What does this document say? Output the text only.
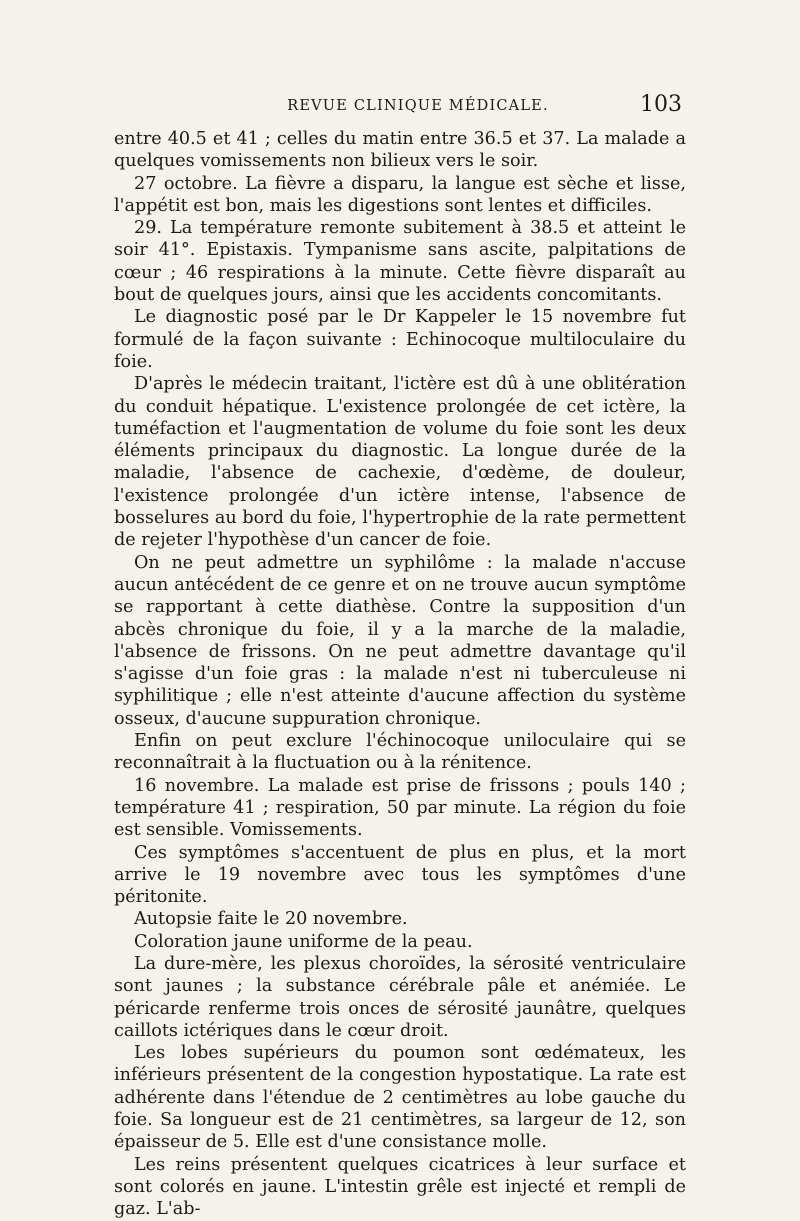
REVUE CLINIQUE MÉDICALE.	103

entre 40.5 et 41 ; celles du matin entre 36.5 et 37. La malade a quelques vomissements non bilieux vers le soir.

27 octobre. La fièvre a disparu, la langue est sèche et lisse, l'appétit est bon, mais les digestions sont lentes et difficiles.

29. La température remonte subitement à 38.5 et atteint le soir 41°. Epistaxis. Tympanisme sans ascite, palpitations de cœur ; 46 respirations à la minute. Cette fièvre disparaît au bout de quelques jours, ainsi que les accidents concomitants.

Le diagnostic posé par le Dr Kappeler le 15 novembre fut formulé de la façon suivante : Echinocoque multiloculaire du foie.

D'après le médecin traitant, l'ictère est dû à une oblitération du conduit hépatique. L'existence prolongée de cet ictère, la tuméfaction et l'augmentation de volume du foie sont les deux éléments principaux du diagnostic. La longue durée de la maladie, l'absence de cachexie, d'œdème, de douleur, l'existence prolongée d'un ictère intense, l'absence de bosselures au bord du foie, l'hypertrophie de la rate permettent de rejeter l'hypothèse d'un cancer de foie.

On ne peut admettre un syphilôme : la malade n'accuse aucun antécédent de ce genre et on ne trouve aucun symptôme se rapportant à cette diathèse. Contre la supposition d'un abcès chronique du foie, il y a la marche de la maladie, l'absence de frissons. On ne peut admettre davantage qu'il s'agisse d'un foie gras : la malade n'est ni tuberculeuse ni syphilitique ; elle n'est atteinte d'aucune affection du système osseux, d'aucune suppuration chronique.

Enfin on peut exclure l'échinocoque uniloculaire qui se reconnaîtrait à la fluctuation ou à la rénitence.

16 novembre. La malade est prise de frissons ; pouls 140 ; température 41 ; respiration, 50 par minute. La région du foie est sensible. Vomissements.

Ces symptômes s'accentuent de plus en plus, et la mort arrive le 19 novembre avec tous les symptômes d'une péritonite.

Autopsie faite le 20 novembre.

Coloration jaune uniforme de la peau.

La dure-mère, les plexus choroïdes, la sérosité ventriculaire sont jaunes ; la substance cérébrale pâle et anémiée. Le péricarde renferme trois onces de sérosité jaunâtre, quelques caillots ictériques dans le cœur droit.

Les lobes supérieurs du poumon sont œdémateux, les inférieurs présentent de la congestion hypostatique. La rate est adhérente dans l'étendue de 2 centimètres au lobe gauche du foie. Sa longueur est de 21 centimètres, sa largeur de 12, son épaisseur de 5. Elle est d'une consistance molle.

Les reins présentent quelques cicatrices à leur surface et sont colorés en jaune. L'intestin grêle est injecté et rempli de gaz. L'ab-
